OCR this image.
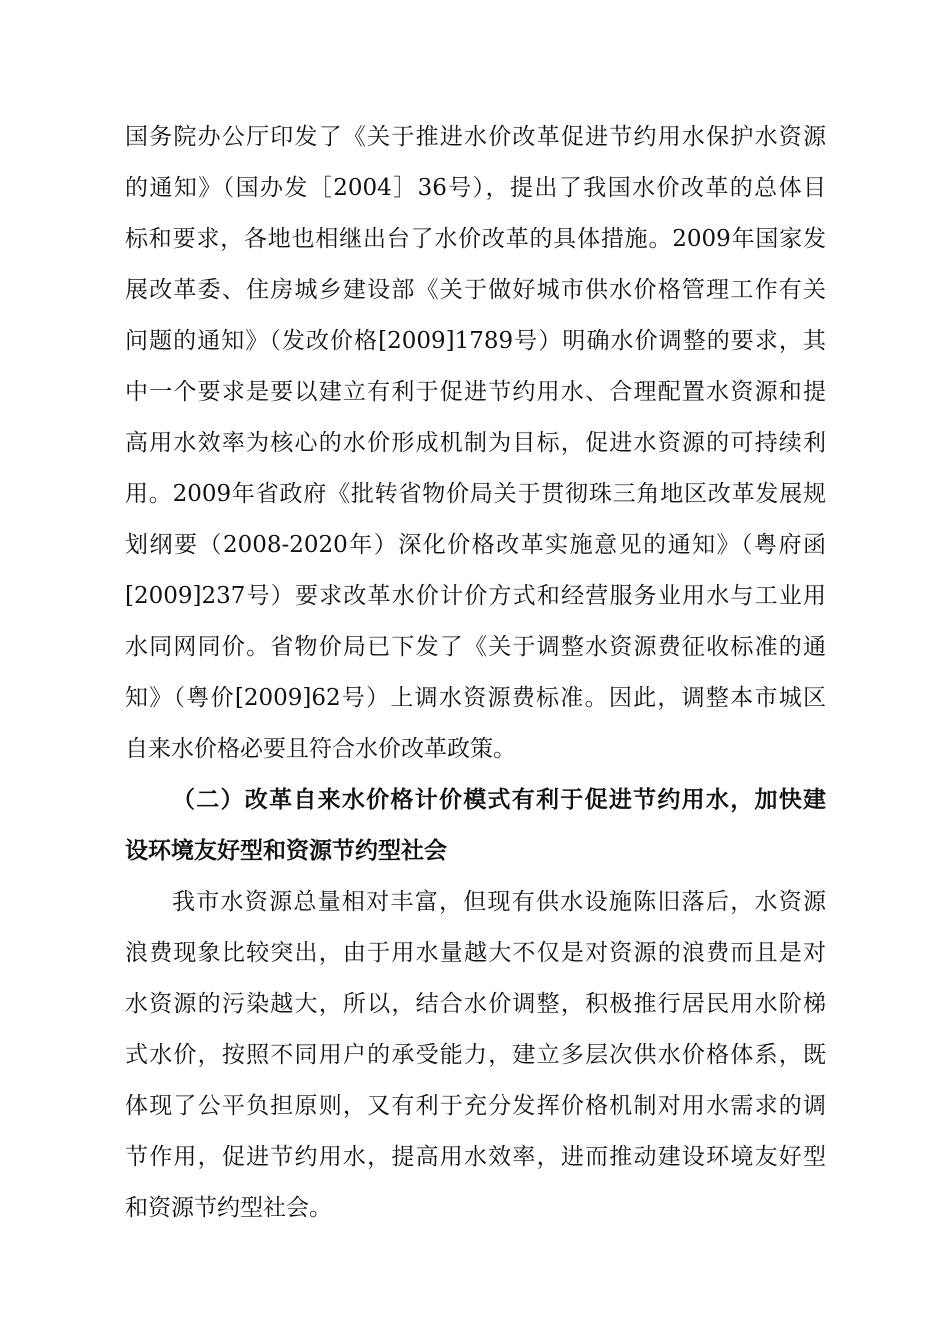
国务院办公厅印发了《关于推进水价改革促进节约用水保护水资源
的通知》（国办发［2004］36号），提出了我国水价改革的总体目
标和要求，各地也相继出台了水价改革的具体措施。2009年国家发
展改革委、住房城乡建设部《关于做好城市供水价格管理工作有关
问题的通知》（发改价格[2009]1789号）明确水价调整的要求，其
中一个要求是要以建立有利于促进节约用水、合理配置水资源和提
高用水效率为核心的水价形成机制为目标，促进水资源的可持续利
用。2009年省政府《批转省物价局关于贯彻珠三角地区改革发展规
划纲要（2008-2020年）深化价格改革实施意见的通知》（粤府函
[2009]237号）要求改革水价计价方式和经营服务业用水与工业用
水同网同价。省物价局已下发了《关于调整水资源费征收标准的通
知》（粤价[2009]62号）上调水资源费标准。因此，调整本市城区
自来水价格必要且符合水价改革政策。
（二）改革自来水价格计价模式有利于促进节约用水，加快建
设环境友好型和资源节约型社会
我市水资源总量相对丰富，但现有供水设施陈旧落后，水资源
浪费现象比较突出，由于用水量越大不仅是对资源的浪费而且是对
水资源的污染越大，所以，结合水价调整，积极推行居民用水阶梯
式水价，按照不同用户的承受能力，建立多层次供水价格体系，既
体现了公平负担原则，又有利于充分发挥价格机制对用水需求的调
节作用，促进节约用水，提高用水效率，进而推动建设环境友好型
和资源节约型社会。
